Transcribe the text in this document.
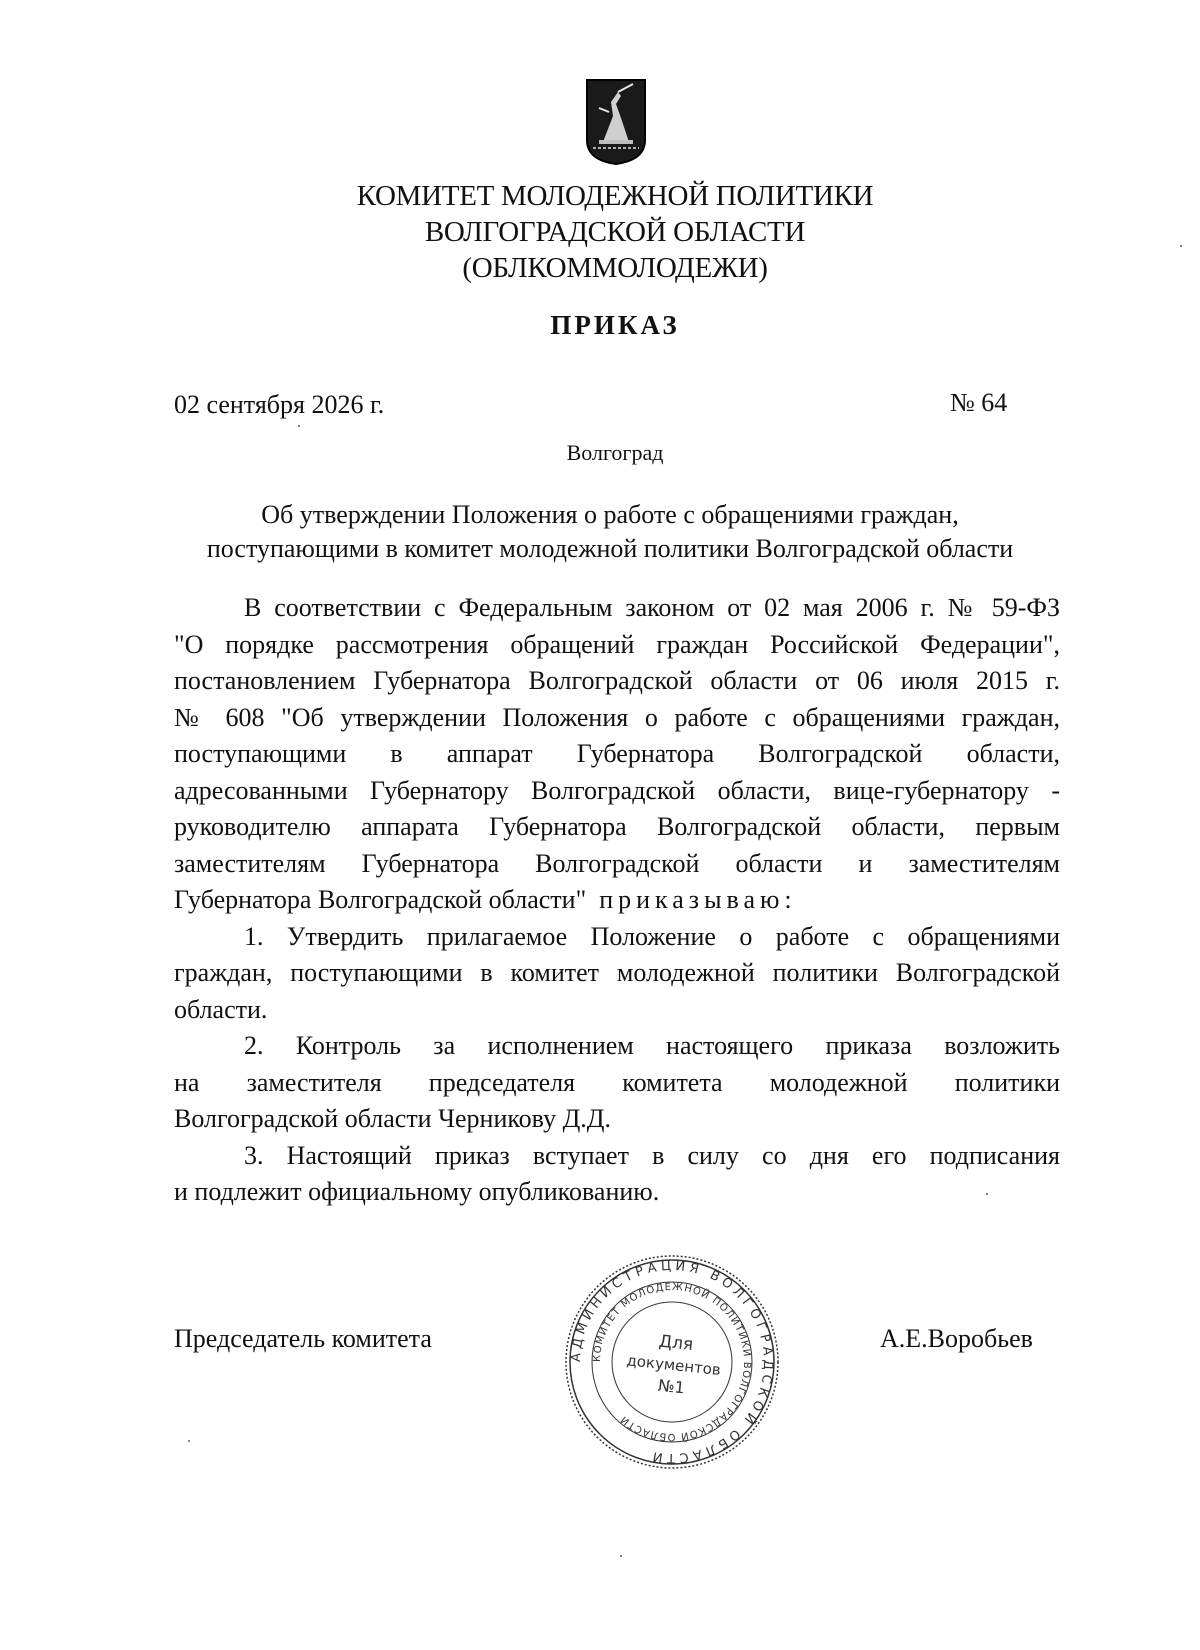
КОМИТЕТ МОЛОДЕЖНОЙ ПОЛИТИКИ
ВОЛГОГРАДСКОЙ ОБЛАСТИ
(ОБЛКОММОЛОДЕЖИ)
ПРИКАЗ
02 сентября 2026 г.	№ 64
Волгоград
Об утверждении Положения о работе с обращениями граждан,
поступающими в комитет молодежной политики Волгоградской области
В соответствии с Федеральным законом от 02 мая 2006 г. № 59-ФЗ
"О порядке рассмотрения обращений граждан Российской Федерации",
постановлением Губернатора Волгоградской области от 06 июля 2015 г.
№ 608 "Об утверждении Положения о работе с обращениями граждан,
поступающими в аппарат Губернатора Волгоградской области,
адресованными Губернатору Волгоградской области, вице-губернатору -
руководителю аппарата Губернатора Волгоградской области, первым
заместителям Губернатора Волгоградской области и заместителям
Губернатора Волгоградской области" приказываю:
1. Утвердить прилагаемое Положение о работе с обращениями
граждан, поступающими в комитет молодежной политики Волгоградской
области.
2. Контроль за исполнением настоящего приказа возложить
на заместителя председателя комитета молодежной политики
Волгоградской области Черникову Д.Д.
3. Настоящий приказ вступает в силу со дня его подписания
и подлежит официальному опубликованию.
Председатель комитета	А.Е.Воробьев
АДМИНИСТРАЦИЯ ВОЛГОГРАДСКОЙ ОБЛАСТИ
КОМИТЕТ МОЛОДЕЖНОЙ ПОЛИТИКИ ВОЛГОГРАДСКОЙ ОБЛАСТИ
Для
документов
№1
